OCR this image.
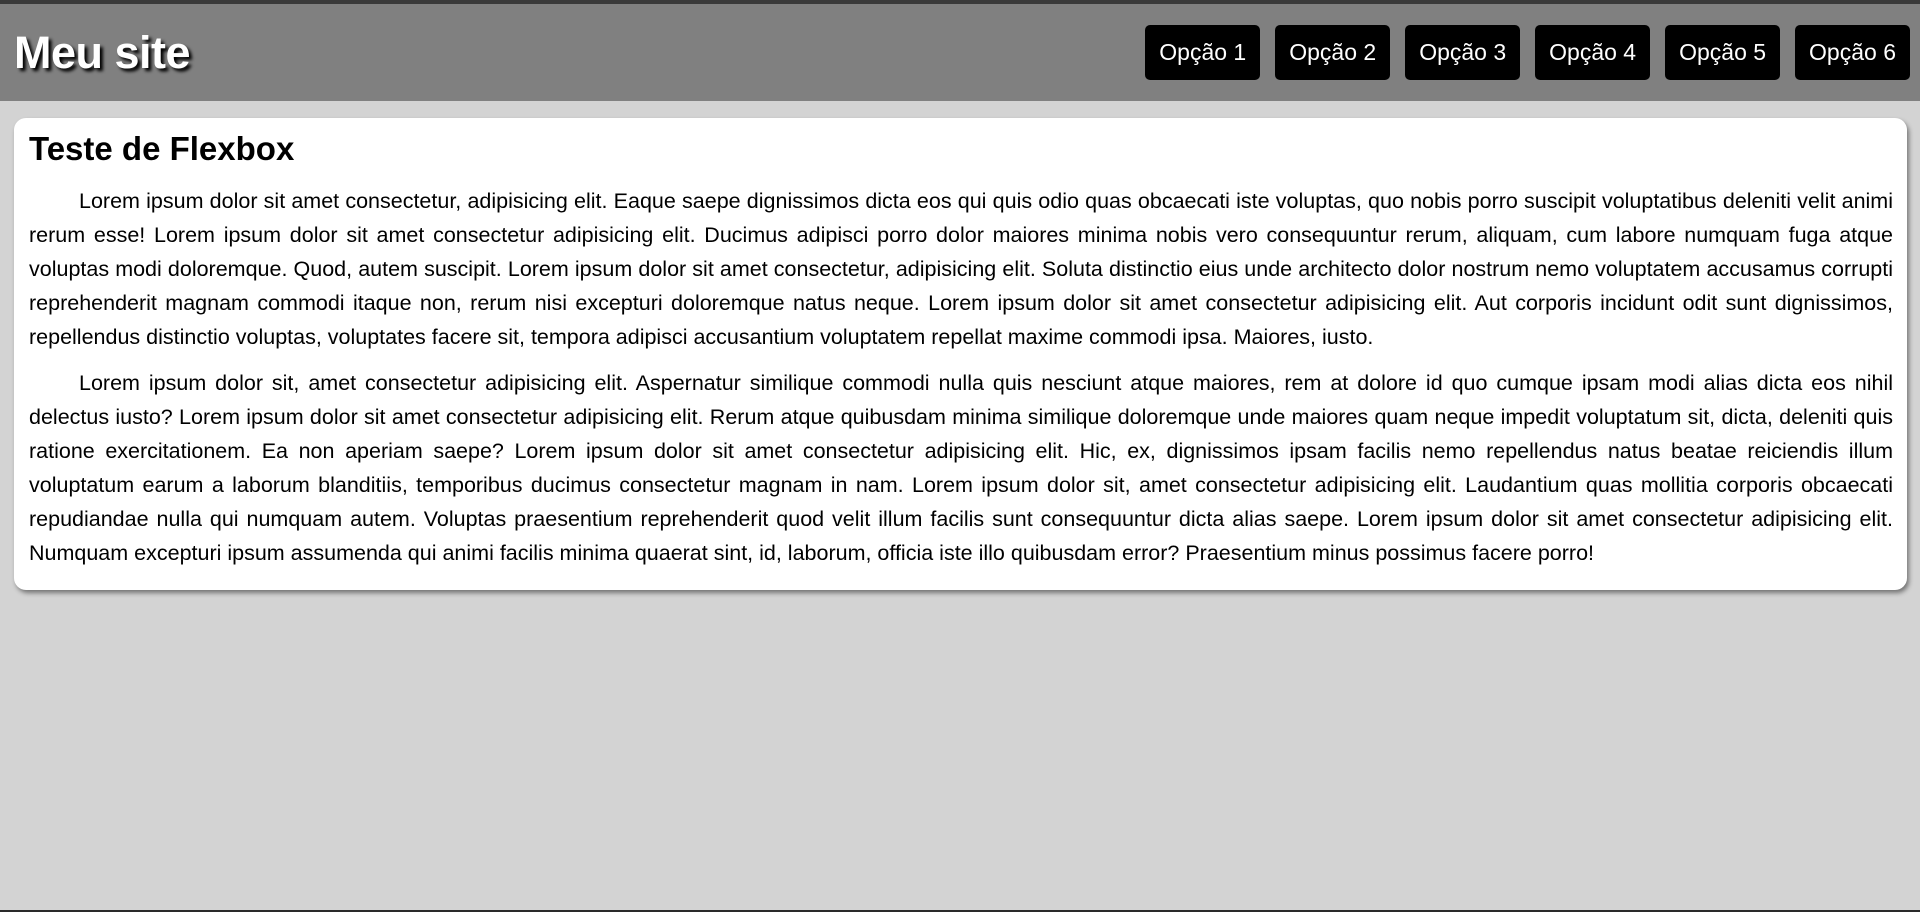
Meu site	Opção 1	Opção 2	Opção 3	Opção 4	Opção 5	Opção 6
Teste de Flexbox

Lorem ipsum dolor sit amet consectetur, adipisicing elit. Eaque saepe dignissimos dicta eos qui quis odio quas obcaecati iste voluptas, quo nobis porro suscipit voluptatibus deleniti velit animi rerum esse! Lorem ipsum dolor sit amet consectetur adipisicing elit. Ducimus adipisci porro dolor maiores minima nobis vero consequuntur rerum, aliquam, cum labore numquam fuga atque voluptas modi doloremque. Quod, autem suscipit. Lorem ipsum dolor sit amet consectetur, adipisicing elit. Soluta distinctio eius unde architecto dolor nostrum nemo voluptatem accusamus corrupti reprehenderit magnam commodi itaque non, rerum nisi excepturi doloremque natus neque. Lorem ipsum dolor sit amet consectetur adipisicing elit. Aut corporis incidunt odit sunt dignissimos, repellendus distinctio voluptas, voluptates facere sit, tempora adipisci accusantium voluptatem repellat maxime commodi ipsa. Maiores, iusto.

Lorem ipsum dolor sit, amet consectetur adipisicing elit. Aspernatur similique commodi nulla quis nesciunt atque maiores, rem at dolore id quo cumque ipsam modi alias dicta eos nihil delectus iusto? Lorem ipsum dolor sit amet consectetur adipisicing elit. Rerum atque quibusdam minima similique doloremque unde maiores quam neque impedit voluptatum sit, dicta, deleniti quis ratione exercitationem. Ea non aperiam saepe? Lorem ipsum dolor sit amet consectetur adipisicing elit. Hic, ex, dignissimos ipsam facilis nemo repellendus natus beatae reiciendis illum voluptatum earum a laborum blanditiis, temporibus ducimus consectetur magnam in nam. Lorem ipsum dolor sit, amet consectetur adipisicing elit. Laudantium quas mollitia corporis obcaecati repudiandae nulla qui numquam autem. Voluptas praesentium reprehenderit quod velit illum facilis sunt consequuntur dicta alias saepe. Lorem ipsum dolor sit amet consectetur adipisicing elit. Numquam excepturi ipsum assumenda qui animi facilis minima quaerat sint, id, laborum, officia iste illo quibusdam error? Praesentium minus possimus facere porro!
